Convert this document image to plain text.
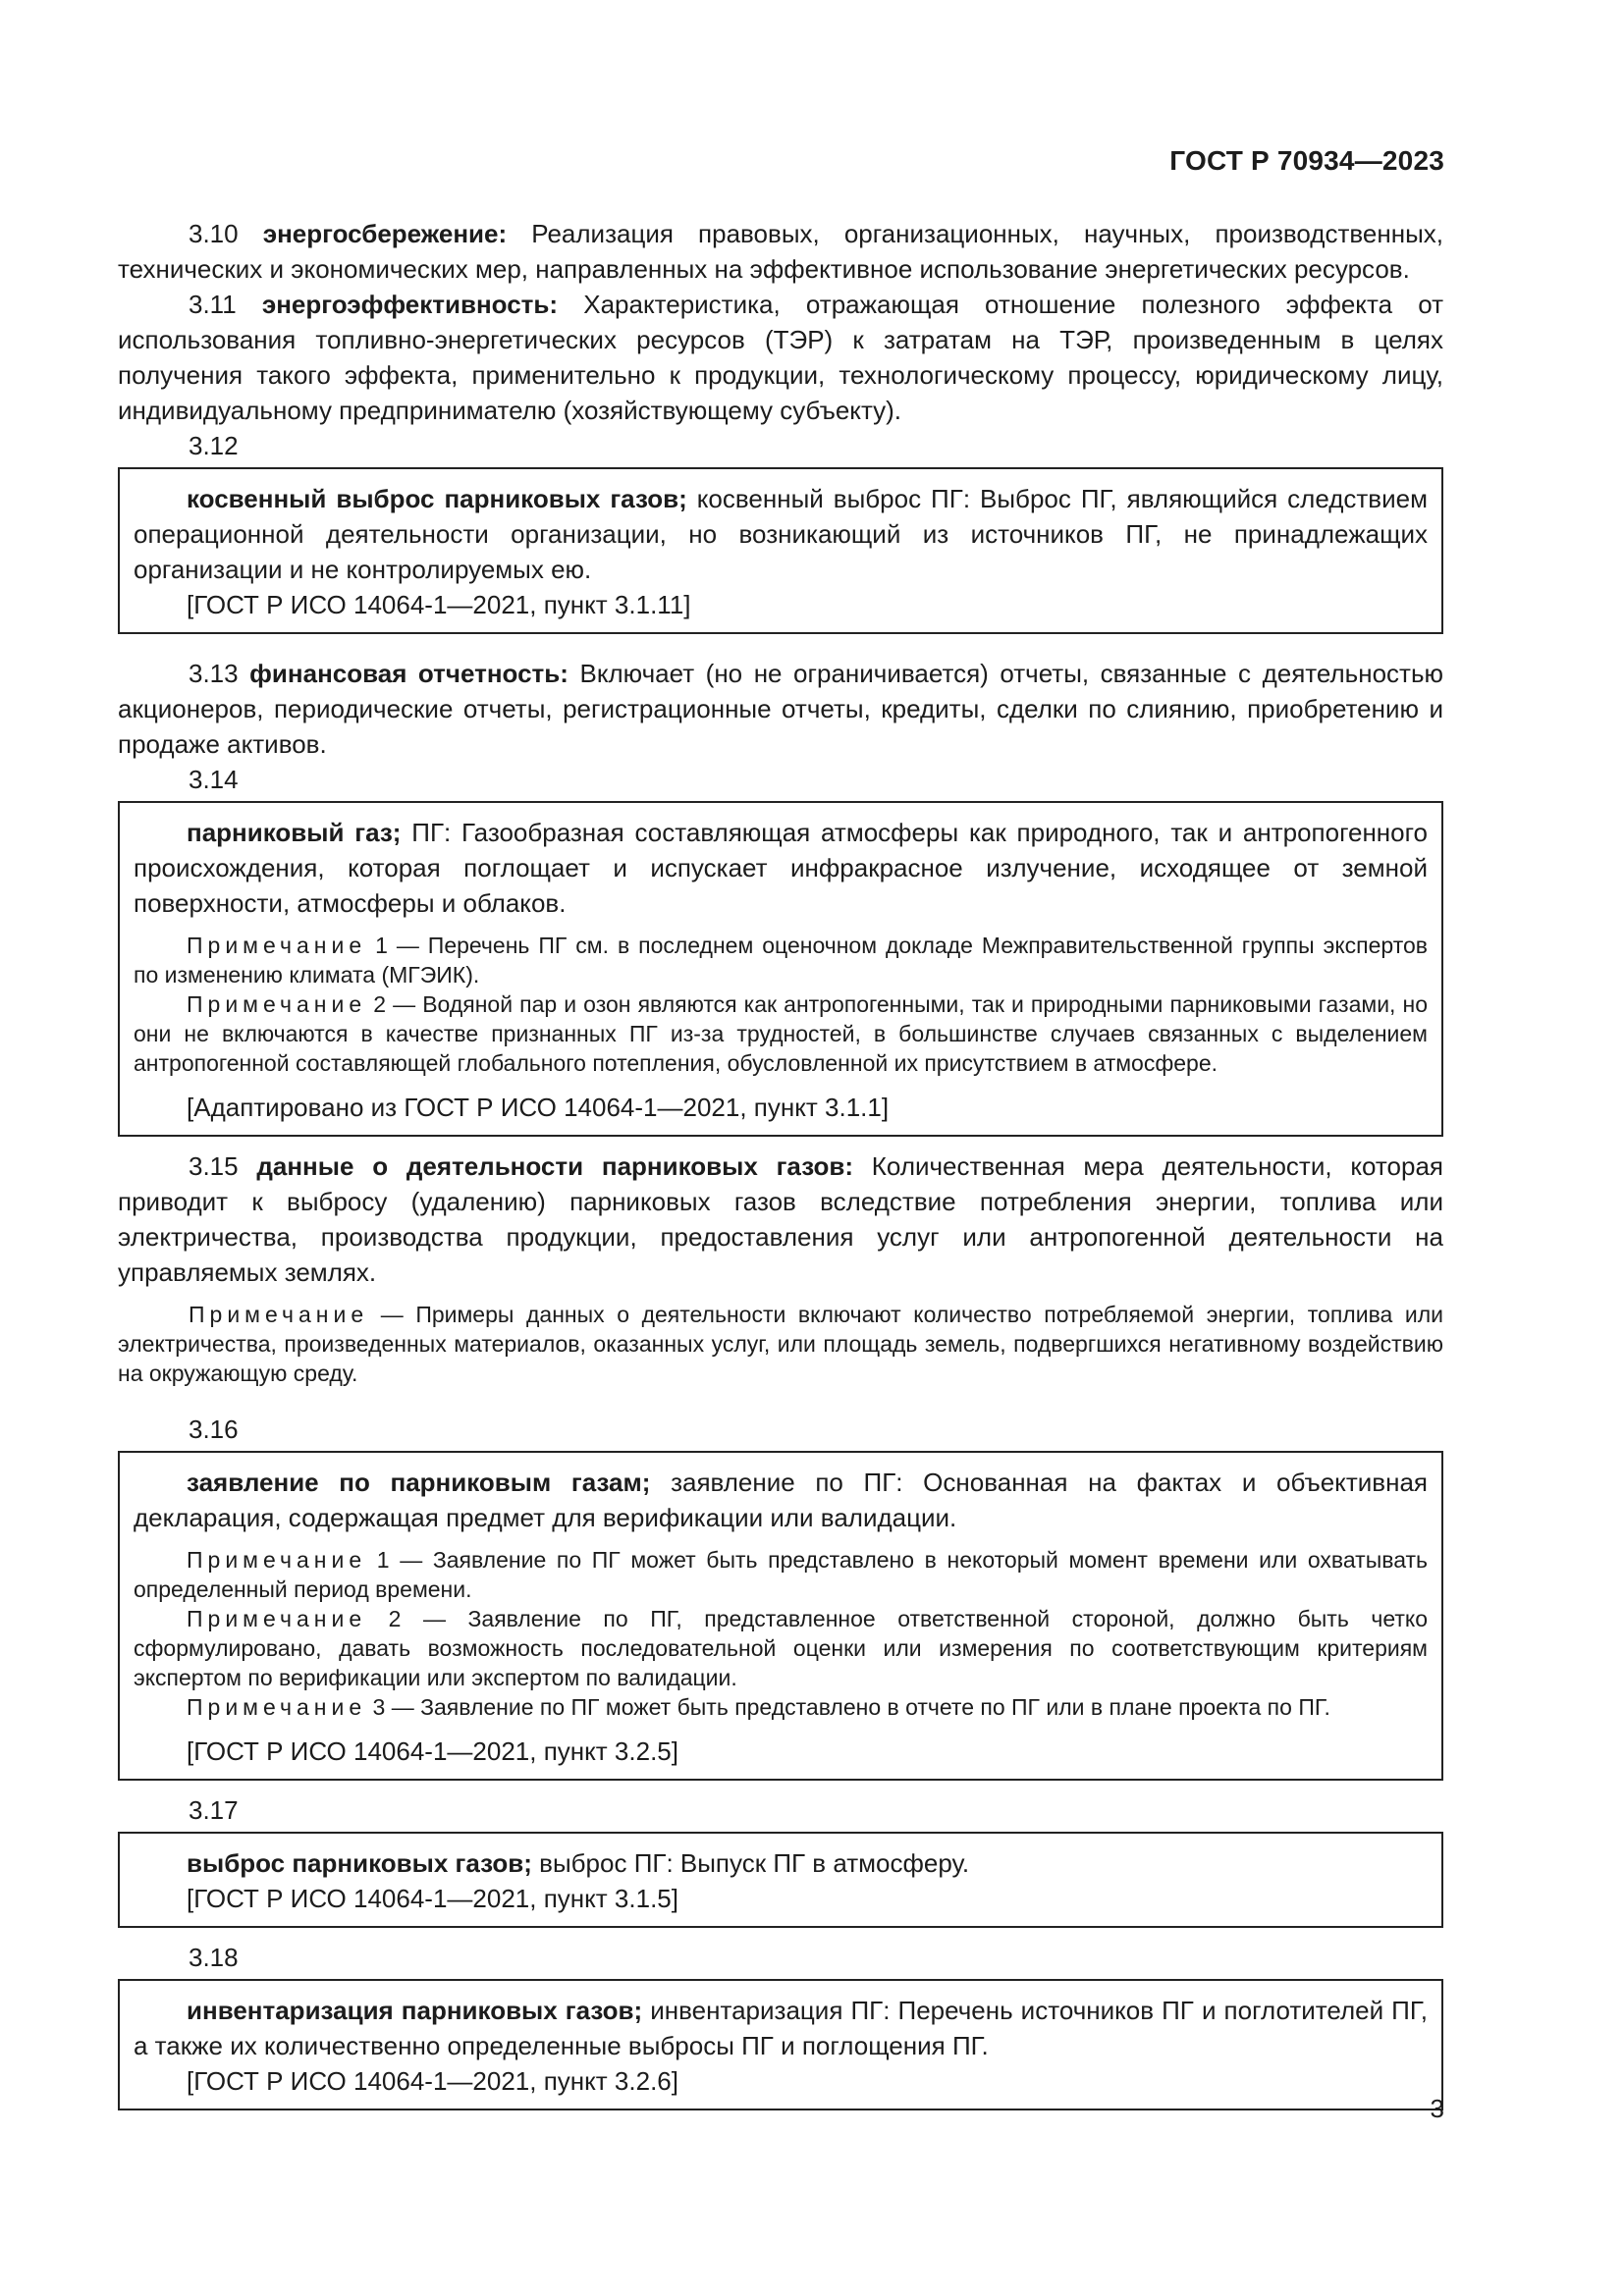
ГОСТ Р 70934—2023

3.10 энергосбережение: Реализация правовых, организационных, научных, производственных, технических и экономических мер, направленных на эффективное использование энергетических ресурсов.

3.11 энергоэффективность: Характеристика, отражающая отношение полезного эффекта от использования топливно-энергетических ресурсов (ТЭР) к затратам на ТЭР, произведенным в целях получения такого эффекта, применительно к продукции, технологическому процессу, юридическому лицу, индивидуальному предпринимателю (хозяйствующему субъекту).

3.12

косвенный выброс парниковых газов; косвенный выброс ПГ: Выброс ПГ, являющийся следствием операционной деятельности организации, но возникающий из источников ПГ, не принадлежащих организации и не контролируемых ею.

[ГОСТ Р ИСО 14064-1—2021, пункт 3.1.11]

3.13 финансовая отчетность: Включает (но не ограничивается) отчеты, связанные с деятельностью акционеров, периодические отчеты, регистрационные отчеты, кредиты, сделки по слиянию, приобретению и продаже активов.

3.14

парниковый газ; ПГ: Газообразная составляющая атмосферы как природного, так и антропогенного происхождения, которая поглощает и испускает инфракрасное излучение, исходящее от земной поверхности, атмосферы и облаков.

Примечание 1 — Перечень ПГ см. в последнем оценочном докладе Межправительственной группы экспертов по изменению климата (МГЭИК).

Примечание 2 — Водяной пар и озон являются как антропогенными, так и природными парниковыми газами, но они не включаются в качестве признанных ПГ из-за трудностей, в большинстве случаев связанных с выделением антропогенной составляющей глобального потепления, обусловленной их присутствием в атмосфере.

[Адаптировано из ГОСТ Р ИСО 14064-1—2021, пункт 3.1.1]

3.15 данные о деятельности парниковых газов: Количественная мера деятельности, которая приводит к выбросу (удалению) парниковых газов вследствие потребления энергии, топлива или электричества, производства продукции, предоставления услуг или антропогенной деятельности на управляемых землях.

Примечание — Примеры данных о деятельности включают количество потребляемой энергии, топлива или электричества, произведенных материалов, оказанных услуг, или площадь земель, подвергшихся негативному воздействию на окружающую среду.

3.16

заявление по парниковым газам; заявление по ПГ: Основанная на фактах и объективная декларация, содержащая предмет для верификации или валидации.

Примечание 1 — Заявление по ПГ может быть представлено в некоторый момент времени или охватывать определенный период времени.

Примечание 2 — Заявление по ПГ, представленное ответственной стороной, должно быть четко сформулировано, давать возможность последовательной оценки или измерения по соответствующим критериям экспертом по верификации или экспертом по валидации.

Примечание 3 — Заявление по ПГ может быть представлено в отчете по ПГ или в плане проекта по ПГ.

[ГОСТ Р ИСО 14064-1—2021, пункт 3.2.5]

3.17

выброс парниковых газов; выброс ПГ: Выпуск ПГ в атмосферу.

[ГОСТ Р ИСО 14064-1—2021, пункт 3.1.5]

3.18

инвентаризация парниковых газов; инвентаризация ПГ: Перечень источников ПГ и поглотителей ПГ, а также их количественно определенные выбросы ПГ и поглощения ПГ.

[ГОСТ Р ИСО 14064-1—2021, пункт 3.2.6]

3
